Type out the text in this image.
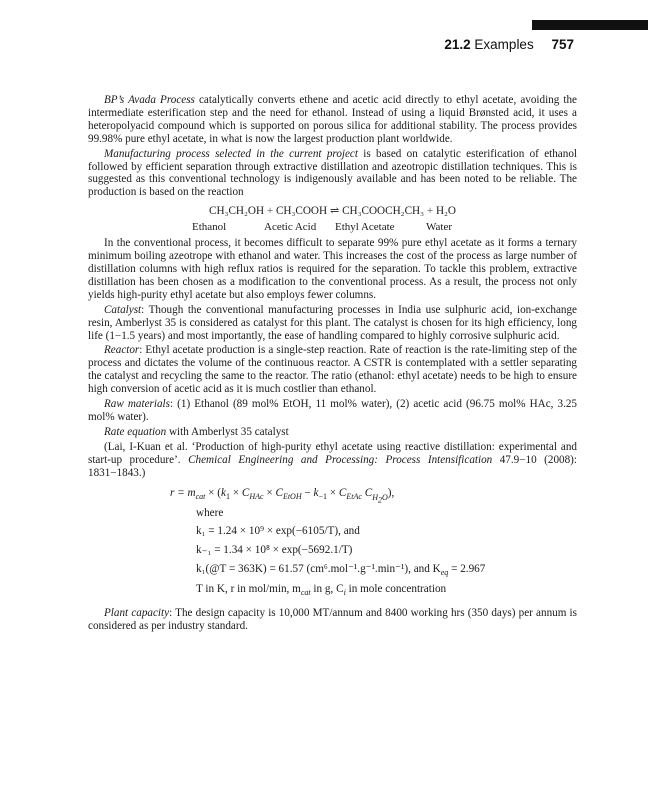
21.2 Examples 757

BP’s Avada Process catalytically converts ethene and acetic acid directly to ethyl acetate, avoiding the intermediate esterification step and the need for ethanol. Instead of using a liquid Brønsted acid, it uses a heteropolyacid compound which is supported on porous silica for additional stability. The process provides 99.98% pure ethyl acetate, in what is now the largest production plant worldwide.

Manufacturing process selected in the current project is based on catalytic esterification of ethanol followed by efficient separation through extractive distillation and azeotropic distillation techniques. This is suggested as this conventional technology is indigenously available and has been noted to be reliable. The production is based on the reaction

CH₃CH₂OH + CH₃COOH ⇌ CH₃COOCH₂CH₃ + H₂O
Ethanol	Acetic Acid Ethyl Acetate	Water

In the conventional process, it becomes difficult to separate 99% pure ethyl acetate as it forms a ternary minimum boiling azeotrope with ethanol and water. This increases the cost of the process as large number of distillation columns with high reflux ratios is required for the separation. To tackle this problem, extractive distillation has been chosen as a modification to the conventional process. As a result, the process not only yields high-purity ethyl acetate but also employs fewer columns.

Catalyst: Though the conventional manufacturing processes in India use sulphuric acid, ion-exchange resin, Amberlyst 35 is considered as catalyst for this plant. The catalyst is chosen for its high efficiency, long life (1−1.5 years) and most importantly, the ease of handling compared to highly corrosive sulphuric acid.

Reactor: Ethyl acetate production is a single-step reaction. Rate of reaction is the rate-limiting step of the process and dictates the volume of the continuous reactor. A CSTR is contemplated with a settler separating the catalyst and recycling the same to the reactor. The ratio (ethanol: ethyl acetate) needs to be high to ensure high conversion of acetic acid as it is much costlier than ethanol.

Raw materials: (1) Ethanol (89 mol% EtOH, 11 mol% water), (2) acetic acid (96.75 mol% HAc, 3.25 mol% water).

Rate equation with Amberlyst 35 catalyst

(Lai, I-Kuan et al. ‘Production of high-purity ethyl acetate using reactive distillation: experimental and start-up procedure’. Chemical Engineering and Processing: Process Intensification 47.9−10 (2008): 1831−1843.)

$r = m_{cat} \times (k_1 \times C_{HAc} \times C_{EtOH} - k_{-1} \times C_{EtAc}$ $C_{H_2O}$),
where
k₁ = 1.24 × 10⁹ × exp(−6105/T), and
k₋₁ = 1.34 × 10⁸ × exp(−5692.1/T)
k₁(@T = 363K) = 61.57 (cm⁶.mol⁻¹.g⁻¹.min⁻¹), and $K_{eq} = 2.967$
T in K, r in mol/min, $m_{cat}$ in g, $C_i$ in mole concentration

Plant capacity: The design capacity is 10,000 MT/annum and 8400 working hrs (350 days) per annum is considered as per industry standard.
